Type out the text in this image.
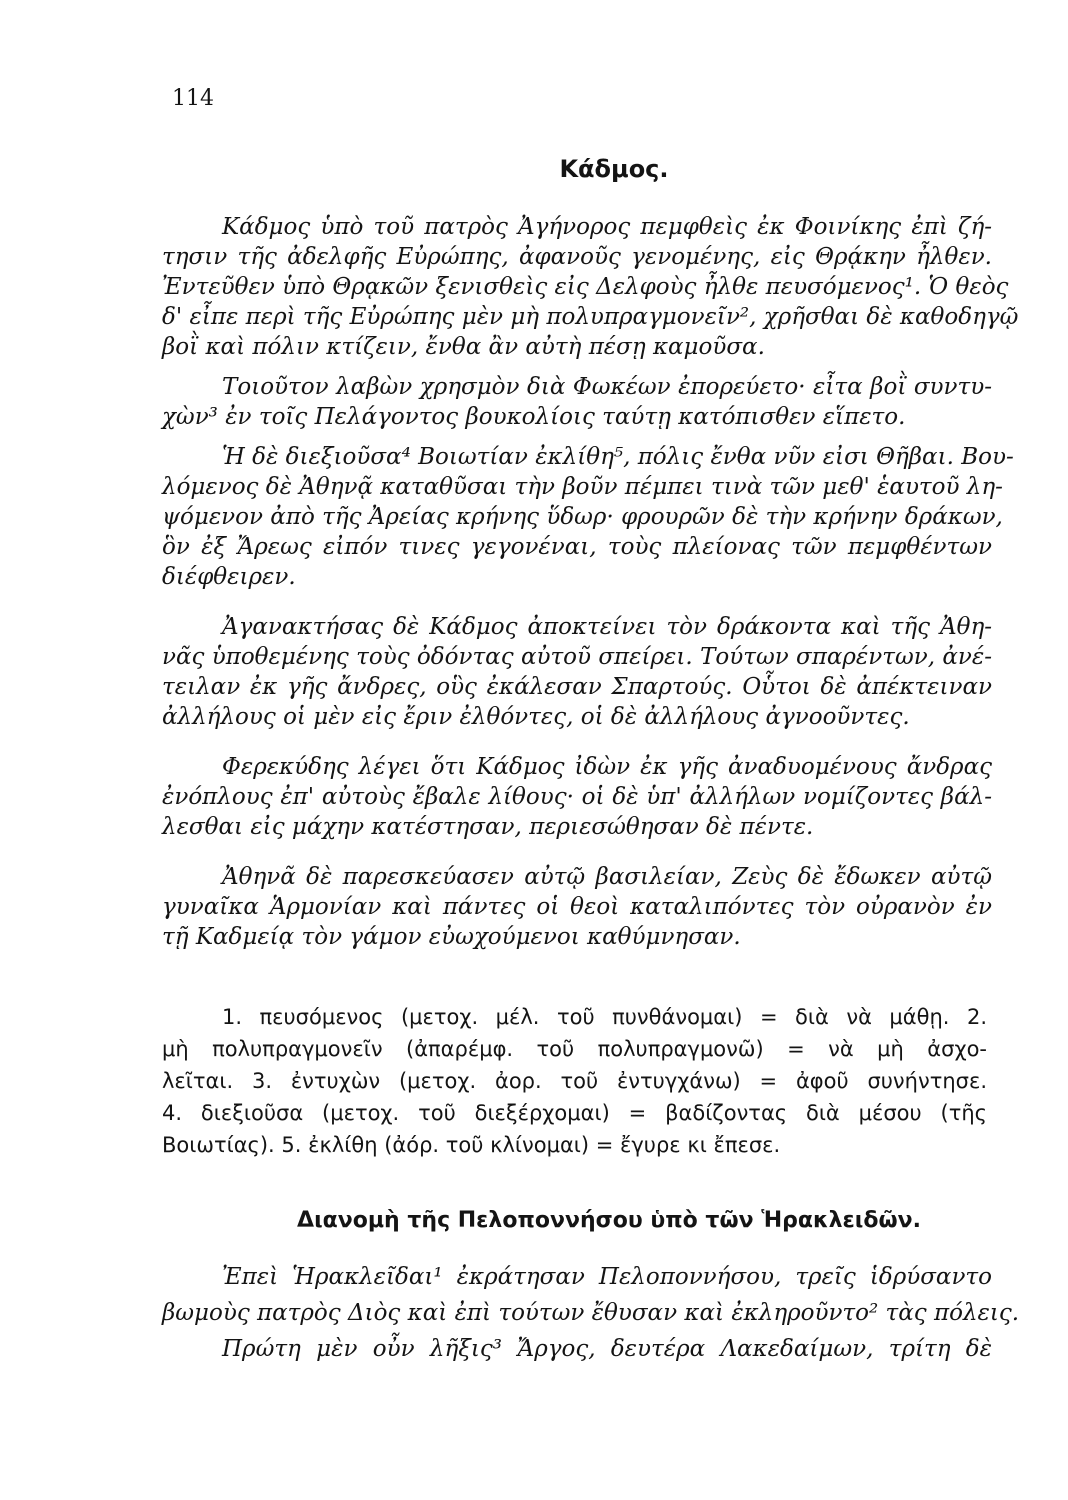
114
Κάδμος.
Κάδμος ὑπὸ τοῦ πατρὸς Ἀγήνορος πεμφθεὶς ἐκ Φοινίκης ἐπὶ ζή-
τησιν τῆς ἀδελφῆς Εὐρώπης, ἀφανοῦς γενομένης, εἰς Θρᾴκην ἦλθεν.
Ἐντεῦθεν ὑπὸ Θρᾳκῶν ξενισθεὶς εἰς Δελφοὺς ἦλθε πευσόμενος¹. Ὁ θεὸς
δ' εἶπε περὶ τῆς Εὐρώπης μὲν μὴ πολυπραγμονεῖν², χρῆσθαι δὲ καθοδηγῷ
βοῒ καὶ πόλιν κτίζειν, ἔνθα ἂν αὐτὴ πέσῃ καμοῦσα.
Τοιοῦτον λαβὼν χρησμὸν διὰ Φωκέων ἐπορεύετο· εἶτα βοῒ συντυ-
χὼν³ ἐν τοῖς Πελάγοντος βουκολίοις ταύτῃ κατόπισθεν εἵπετο.
Ἡ δὲ διεξιοῦσα⁴ Βοιωτίαν ἐκλίθη⁵, πόλις ἔνθα νῦν εἰσι Θῆβαι. Βου-
λόμενος δὲ Ἀθηνᾷ καταθῦσαι τὴν βοῦν πέμπει τινὰ τῶν μεθ' ἑαυτοῦ λη-
ψόμενον ἀπὸ τῆς Ἀρείας κρήνης ὕδωρ· φρουρῶν δὲ τὴν κρήνην δράκων,
ὃν ἐξ Ἄρεως εἰπόν τινες γεγονέναι, τοὺς πλείονας τῶν πεμφθέντων
διέφθειρεν.
Ἀγανακτήσας δὲ Κάδμος ἀποκτείνει τὸν δράκοντα καὶ τῆς Ἀθη-
νᾶς ὑποθεμένης τοὺς ὀδόντας αὐτοῦ σπείρει. Τούτων σπαρέντων, ἀνέ-
τειλαν ἐκ γῆς ἄνδρες, οὓς ἐκάλεσαν Σπαρτούς. Οὗτοι δὲ ἀπέκτειναν
ἀλλήλους οἱ μὲν εἰς ἔριν ἐλθόντες, οἱ δὲ ἀλλήλους ἀγνοοῦντες.
Φερεκύδης λέγει ὅτι Κάδμος ἰδὼν ἐκ γῆς ἀναδυομένους ἄνδρας
ἐνόπλους ἐπ' αὐτοὺς ἔβαλε λίθους· οἱ δὲ ὑπ' ἀλλήλων νομίζοντες βάλ-
λεσθαι εἰς μάχην κατέστησαν, περιεσώθησαν δὲ πέντε.
Ἀθηνᾶ δὲ παρεσκεύασεν αὐτῷ βασιλείαν, Ζεὺς δὲ ἔδωκεν αὐτῷ
γυναῖκα Ἁρμονίαν καὶ πάντες οἱ θεοὶ καταλιπόντες τὸν οὐρανὸν ἐν
τῇ Καδμείᾳ τὸν γάμον εὐωχούμενοι καθύμνησαν.
1. πευσόμενος (μετοχ. μέλ. τοῦ πυνθάνομαι) = διὰ νὰ μάθῃ. 2.
μὴ πολυπραγμονεῖν (ἀπαρέμφ. τοῦ πολυπραγμονῶ) = νὰ μὴ ἀσχο-
λεῖται. 3. ἐντυχὼν (μετοχ. ἀορ. τοῦ ἐντυγχάνω) = ἀφοῦ συνήντησε.
4. διεξιοῦσα (μετοχ. τοῦ διεξέρχομαι) = βαδίζοντας διὰ μέσου (τῆς
Βοιωτίας). 5. ἐκλίθη (ἀόρ. τοῦ κλίνομαι) = ἔγυρε κι ἔπεσε.
Διανομὴ τῆς Πελοποννήσου ὑπὸ τῶν Ἡρακλειδῶν.
Ἐπεὶ Ἡρακλεῖδαι¹ ἐκράτησαν Πελοποννήσου, τρεῖς ἱδρύσαντο
βωμοὺς πατρὸς Διὸς καὶ ἐπὶ τούτων ἔθυσαν καὶ ἐκληροῦντο² τὰς πόλεις.
Πρώτη μὲν οὖν λῆξις³ Ἄργος, δευτέρα Λακεδαίμων, τρίτη δὲ
